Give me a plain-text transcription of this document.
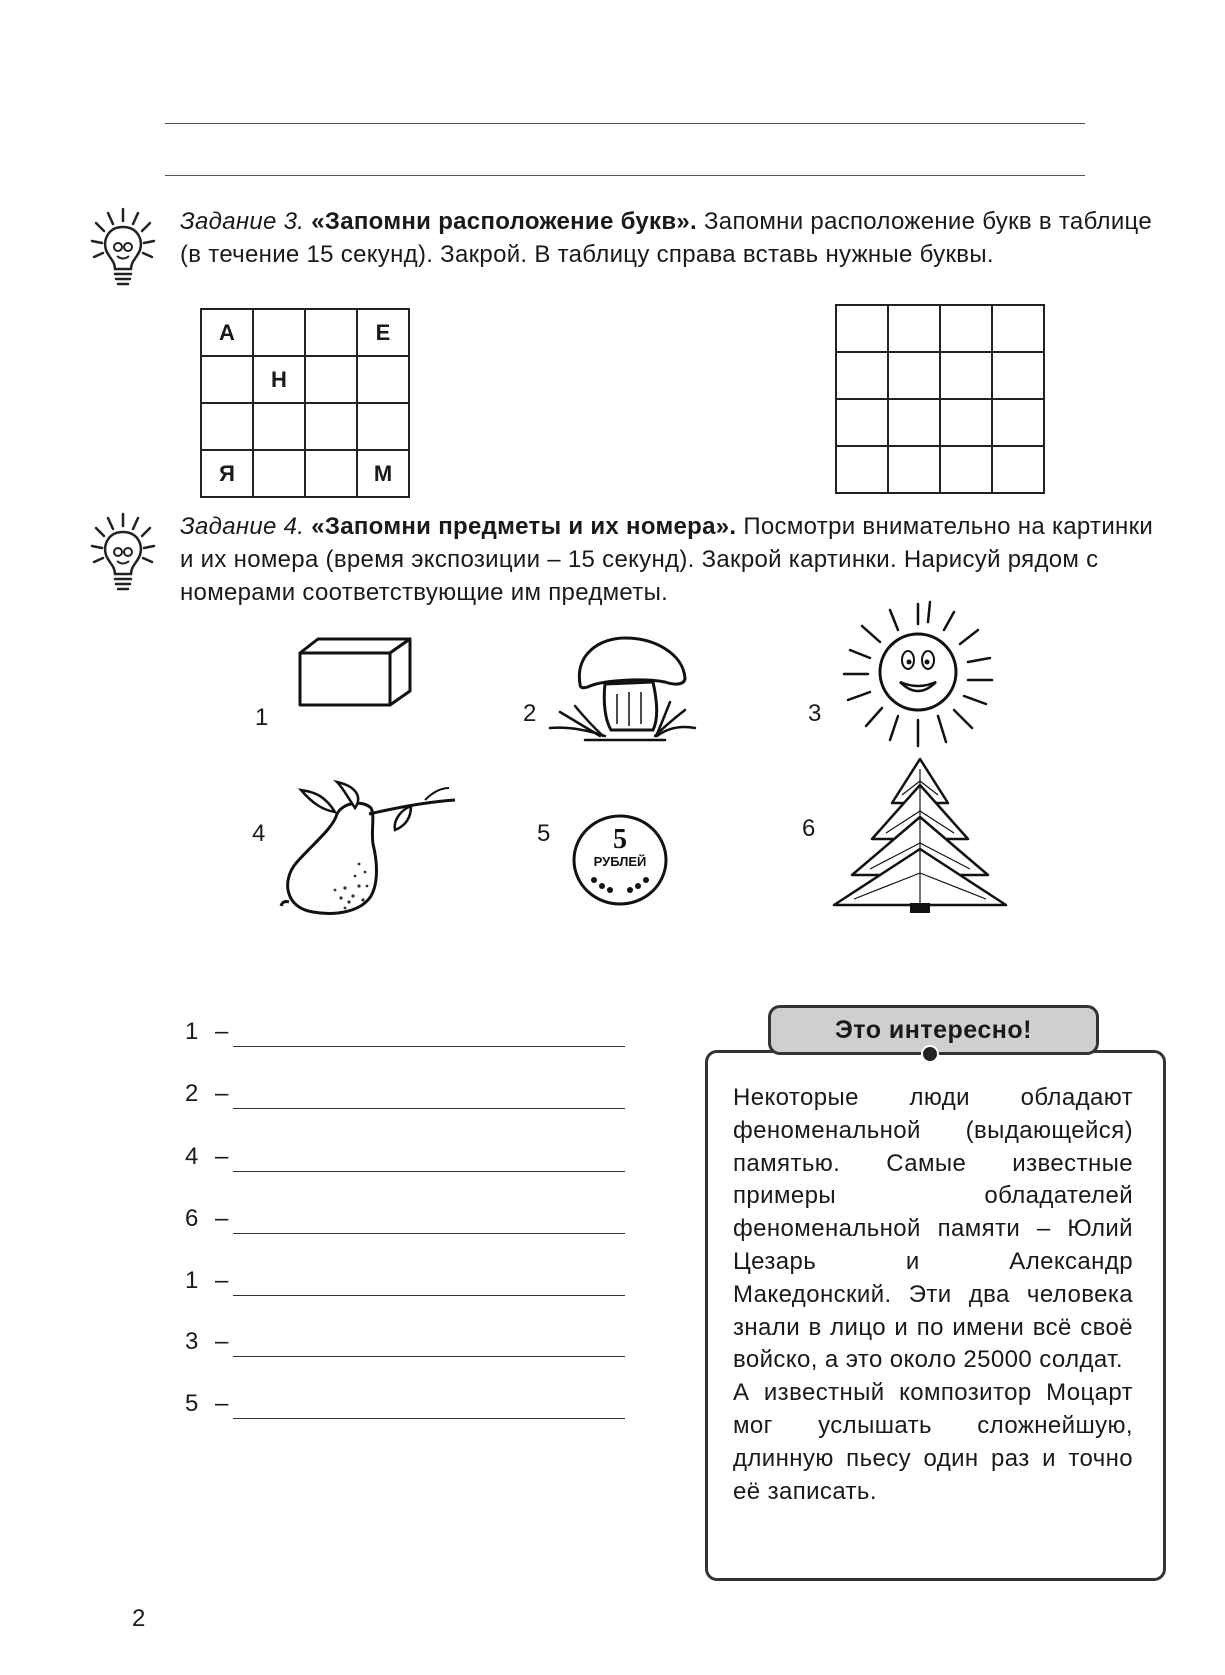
Задание 3. «Запомни расположение букв». Запомни расположение букв в таблице (в течение 15 секунд). Закрой. В таблицу справа вставь нужные буквы.
А			Е
	Н		

Я			М

Задание 4. «Запомни предметы и их номера». Посмотри внимательно на картинки и их номера (время экспозиции – 15 секунд). Закрой картинки. Нарисуй рядом с номерами соответствующие им предметы.
1	2	3
4	5	6
5
РУБЛЕЙ
1 –
2 –
4 –
6 –
1 –
3 –
5 –
Это интересно!

Некоторые люди обладают феноменальной (выдающейся) памятью. Самые известные примеры обладателей феноменальной памяти – Юлий Цезарь и Александр Македонский. Эти два человека знали в лицо и по имени всё своё войско, а это около 25000 солдат.

А известный композитор Моцарт мог услышать сложнейшую, длинную пьесу один раз и точно её записать.

2
